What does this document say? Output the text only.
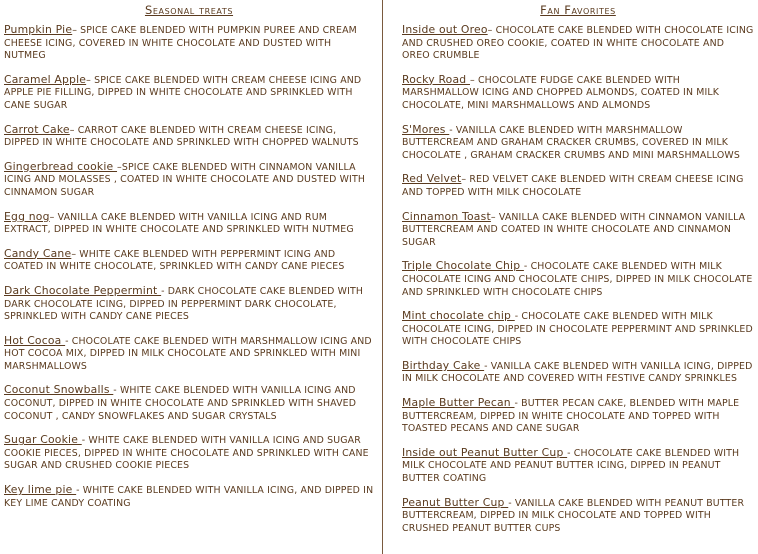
Seasonal treats
Pumpkin Pie– SPICE CAKE BLENDED WITH PUMPKIN PUREE AND CREAM CHEESE ICING, COVERED IN WHITE CHOCOLATE AND DUSTED WITH NUTMEG
Caramel Apple– SPICE CAKE BLENDED WITH CREAM CHEESE ICING AND APPLE PIE FILLING, DIPPED IN WHITE CHOCOLATE AND SPRINKLED WITH CANE SUGAR
Carrot Cake– CARROT CAKE BLENDED WITH CREAM CHEESE ICING, DIPPED IN WHITE CHOCOLATE AND SPRINKLED WITH CHOPPED WALNUTS
Gingerbread cookie –SPICE CAKE BLENDED WITH CINNAMON VANILLA ICING AND MOLASSES , COATED IN WHITE CHOCOLATE AND DUSTED WITH CINNAMON SUGAR
Egg nog– VANILLA CAKE BLENDED WITH VANILLA ICING AND RUM EXTRACT, DIPPED IN WHITE CHOCOLATE AND SPRINKLED WITH NUTMEG
Candy Cane– WHITE CAKE BLENDED WITH PEPPERMINT ICING AND COATED IN WHITE CHOCOLATE, SPRINKLED WITH CANDY CANE PIECES
Dark Chocolate Peppermint - DARK CHOCOLATE CAKE BLENDED WITH DARK CHOCOLATE ICING, DIPPED IN PEPPERMINT DARK CHOCOLATE, SPRINKLED WITH CANDY CANE PIECES
Hot Cocoa - CHOCOLATE CAKE BLENDED WITH MARSHMALLOW ICING AND HOT COCOA MIX, DIPPED IN MILK CHOCOLATE AND SPRINKLED WITH MINI MARSHMALLOWS
Coconut Snowballs - WHITE CAKE BLENDED WITH VANILLA ICING AND COCONUT, DIPPED IN WHITE CHOCOLATE AND SPRINKLED WITH SHAVED COCONUT , CANDY SNOWFLAKES AND SUGAR CRYSTALS
Sugar Cookie - WHITE CAKE BLENDED WITH VANILLA ICING AND SUGAR COOKIE PIECES, DIPPED IN WHITE CHOCOLATE AND SPRINKLED WITH CANE SUGAR AND CRUSHED COOKIE PIECES
Key lime pie - WHITE CAKE BLENDED WITH VANILLA ICING, AND DIPPED IN KEY LIME CANDY COATING
Fan Favorites
Inside out Oreo– CHOCOLATE CAKE BLENDED WITH CHOCOLATE ICING AND CRUSHED OREO COOKIE, COATED IN WHITE CHOCOLATE AND OREO CRUMBLE
Rocky Road – CHOCOLATE FUDGE CAKE BLENDED WITH MARSHMALLOW ICING AND CHOPPED ALMONDS, COATED IN MILK CHOCOLATE, MINI MARSHMALLOWS AND ALMONDS
S'Mores - VANILLA CAKE BLENDED WITH MARSHMALLOW BUTTERCREAM AND GRAHAM CRACKER CRUMBS, COVERED IN MILK CHOCOLATE , GRAHAM CRACKER CRUMBS AND MINI MARSHMALLOWS
Red Velvet– RED VELVET CAKE BLENDED WITH CREAM CHEESE ICING AND TOPPED WITH MILK CHOCOLATE
Cinnamon Toast– VANILLA CAKE BLENDED WITH CINNAMON VANILLA BUTTERCREAM AND COATED IN WHITE CHOCOLATE AND CINNAMON SUGAR
Triple Chocolate Chip - CHOCOLATE CAKE BLENDED WITH MILK CHOCOLATE ICING AND CHOCOLATE CHIPS, DIPPED IN MILK CHOCOLATE AND SPRINKLED WITH CHOCOLATE CHIPS
Mint chocolate chip - CHOCOLATE CAKE BLENDED WITH MILK CHOCOLATE ICING, DIPPED IN CHOCOLATE PEPPERMINT AND SPRINKLED WITH CHOCOLATE CHIPS
Birthday Cake - VANILLA CAKE BLENDED WITH VANILLA ICING, DIPPED IN MILK CHOCOLATE AND COVERED WITH FESTIVE CANDY SPRINKLES
Maple Butter Pecan - BUTTER PECAN CAKE, BLENDED WITH MAPLE BUTTERCREAM, DIPPED IN WHITE CHOCOLATE AND TOPPED WITH TOASTED PECANS AND CANE SUGAR
Inside out Peanut Butter Cup - CHOCOLATE CAKE BLENDED WITH MILK CHOCOLATE AND PEANUT BUTTER ICING, DIPPED IN PEANUT BUTTER COATING
Peanut Butter Cup - VANILLA CAKE BLENDED WITH PEANUT BUTTER BUTTERCREAM, DIPPED IN MILK CHOCOLATE AND TOPPED WITH CRUSHED PEANUT BUTTER CUPS
